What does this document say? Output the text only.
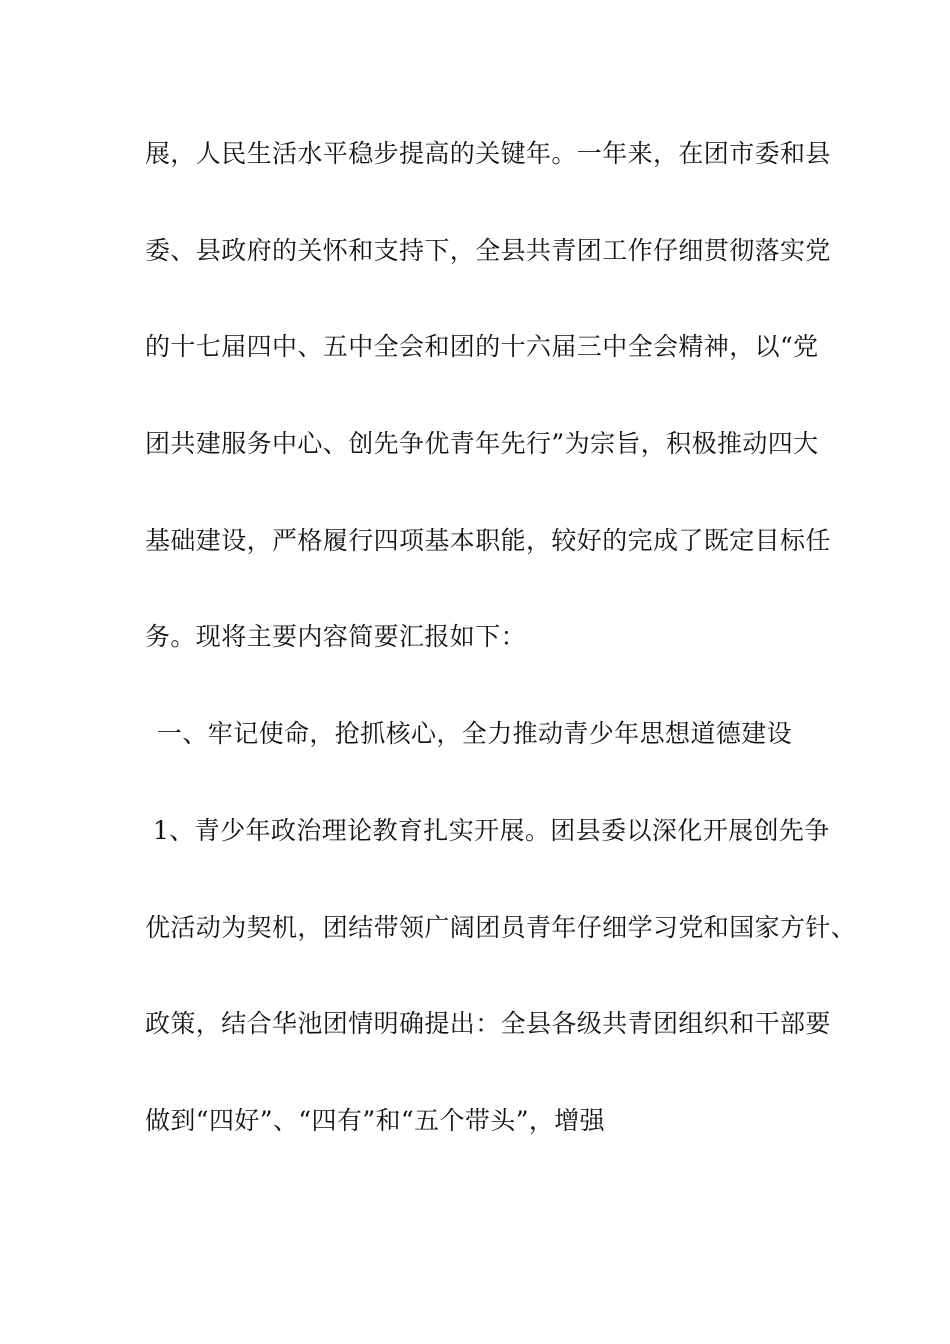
展，人民生活水平稳步提高的关键年。一年来，在团市委和县
委、县政府的关怀和支持下，全县共青团工作仔细贯彻落实党
的十七届四中、五中全会和团的十六届三中全会精神，以“党
团共建服务中心、创先争优青年先行”为宗旨，积极推动四大
基础建设，严格履行四项基本职能，较好的完成了既定目标任
务。现将主要内容简要汇报如下：
一、牢记使命，抢抓核心，全力推动青少年思想道德建设
1、青少年政治理论教育扎实开展。团县委以深化开展创先争
优活动为契机，团结带领广阔团员青年仔细学习党和国家方针、
政策，结合华池团情明确提出：全县各级共青团组织和干部要
做到“四好”、“四有”和“五个带头”，增强
